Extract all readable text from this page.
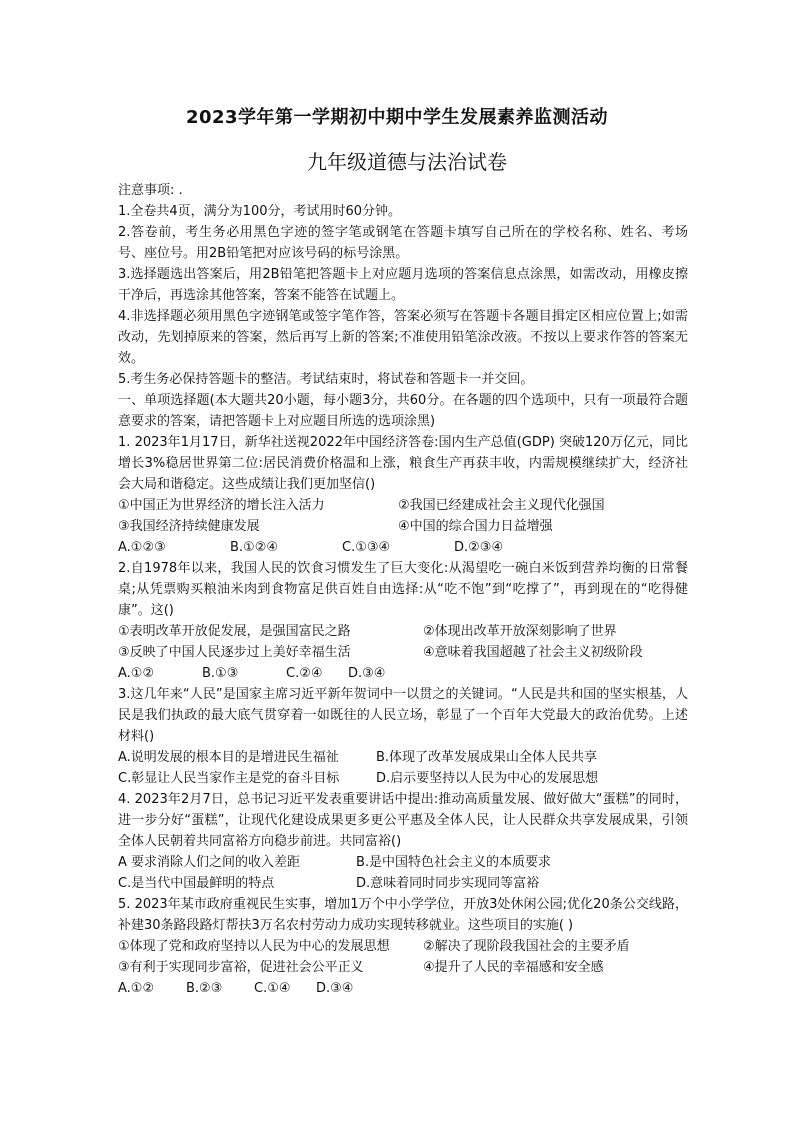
2023学年第一学期初中期中学生发展素养监测活动
九年级道德与法治试卷

注意事项: .

1.全卷共4页，满分为100分，考试用时60分钟。

2.答卷前，考生务必用黑色字迹的签字笔或钢笔在答题卡填写自己所在的学校名称、姓名、考场号、座位号。用2B铅笔把对应该号码的标号涂黑。

3.选择题选出答案后，用2B铅笔把答题卡上对应题月选项的答案信息点涂黑，如需改动，用橡皮擦干净后，再选涂其他答案，答案不能答在试题上。

4.非选择题必须用黑色字迹钢笔或签字笔作答，答案必须写在答题卡各题目揖定区相应位置上;如需改动，先划掉原来的答案，然后再写上新的答案;不准使用铅笔涂改液。不按以上要求作答的答案无效。

5.考生务必保持答题卡的整洁。考试结束时，将试卷和答题卡一并交回。

一、单项选择题(本大题共20小题，每小题3分，共60分。在各题的四个选项中，只有一项最符合题意要求的答案，请把答题卡上对应题目所选的选项涂黑)

1. 2023年1月17日，新华社送视2022年中国经济答卷:国内生产总值(GDP) 突破120万亿元，同比增长3%稳居世界第二位:居民消费价格温和上涨，粮食生产再获丰收，内需规模继续扩大，经济社会大局和谐稳定。这些成绩让我们更加坚信()

①中国正为世界经济的增长注入活力	②我国已经建成社会主义现代化强国

③我国经济持续健康发展	④中国的综合国力日益增强

A.①②③	B.①②④	C.①③④	D.②③④

2.自1978年以来，我国人民的饮食习惯发生了巨大变化:从渴望吃一碗白米饭到营养均衡的日常餐桌;从凭票购买粮油米肉到食物富足供百姓自由选择:从“吃不饱”到“吃撑了”，再到现在的“吃得健康”。这()

①表明改革开放促发展，是强国富民之路	②体现出改革开放深刻影响了世界

③反映了中国人民逐步过上美好幸福生活	④意味着我国超越了社会主义初级阶段

A.①②	B.①③	C.②④ D.③④

3.这几年来“人民”是国家主席习近平新年贺词中一以贯之的关键词。“人民是共和国的坚实根基，人民是我们执政的最大底气贯穿着一如既往的人民立场，彰显了一个百年大党最大的政治优势。上述材料()

A.说明发展的根本目的是增进民生福祉	B.体现了改革发展成果山全体人民共享

C.彰显让人民当家作主是党的奋斗目标	D.启示要坚持以人民为中心的发展思想

4. 2023年2月7日，总书记习近平发表重要讲话中提出:推动高质量发展、做好做大“蛋糕”的同时，进一步分好“蛋糕”，让现代化建设成果更多更公平惠及全体人民，让人民群众共享发展成果，引领全体人民朝着共同富裕方向稳步前进。共同富裕()

A 要求消除人们之间的收入差距	B.是中国特色社会主义的本质要求

C.是当代中国最鲜明的特点	D.意味着同时同步实现同等富裕

5. 2023年某市政府重视民生实事，增加1万个中小学学位，开放3处休闲公园;优化20条公交线路，补建30条路段路灯帮扶3万名农村劳动力成功实现转移就业。这些项目的实施( )

①体现了党和政府坚持以人民为中心的发展思想	②解决了现阶段我国社会的主要矛盾

③有利于实现同步富裕，促进社会公平正义	④提升了人民的幸福感和安全感

A.①②	B.②③	C.①④ D.③④
